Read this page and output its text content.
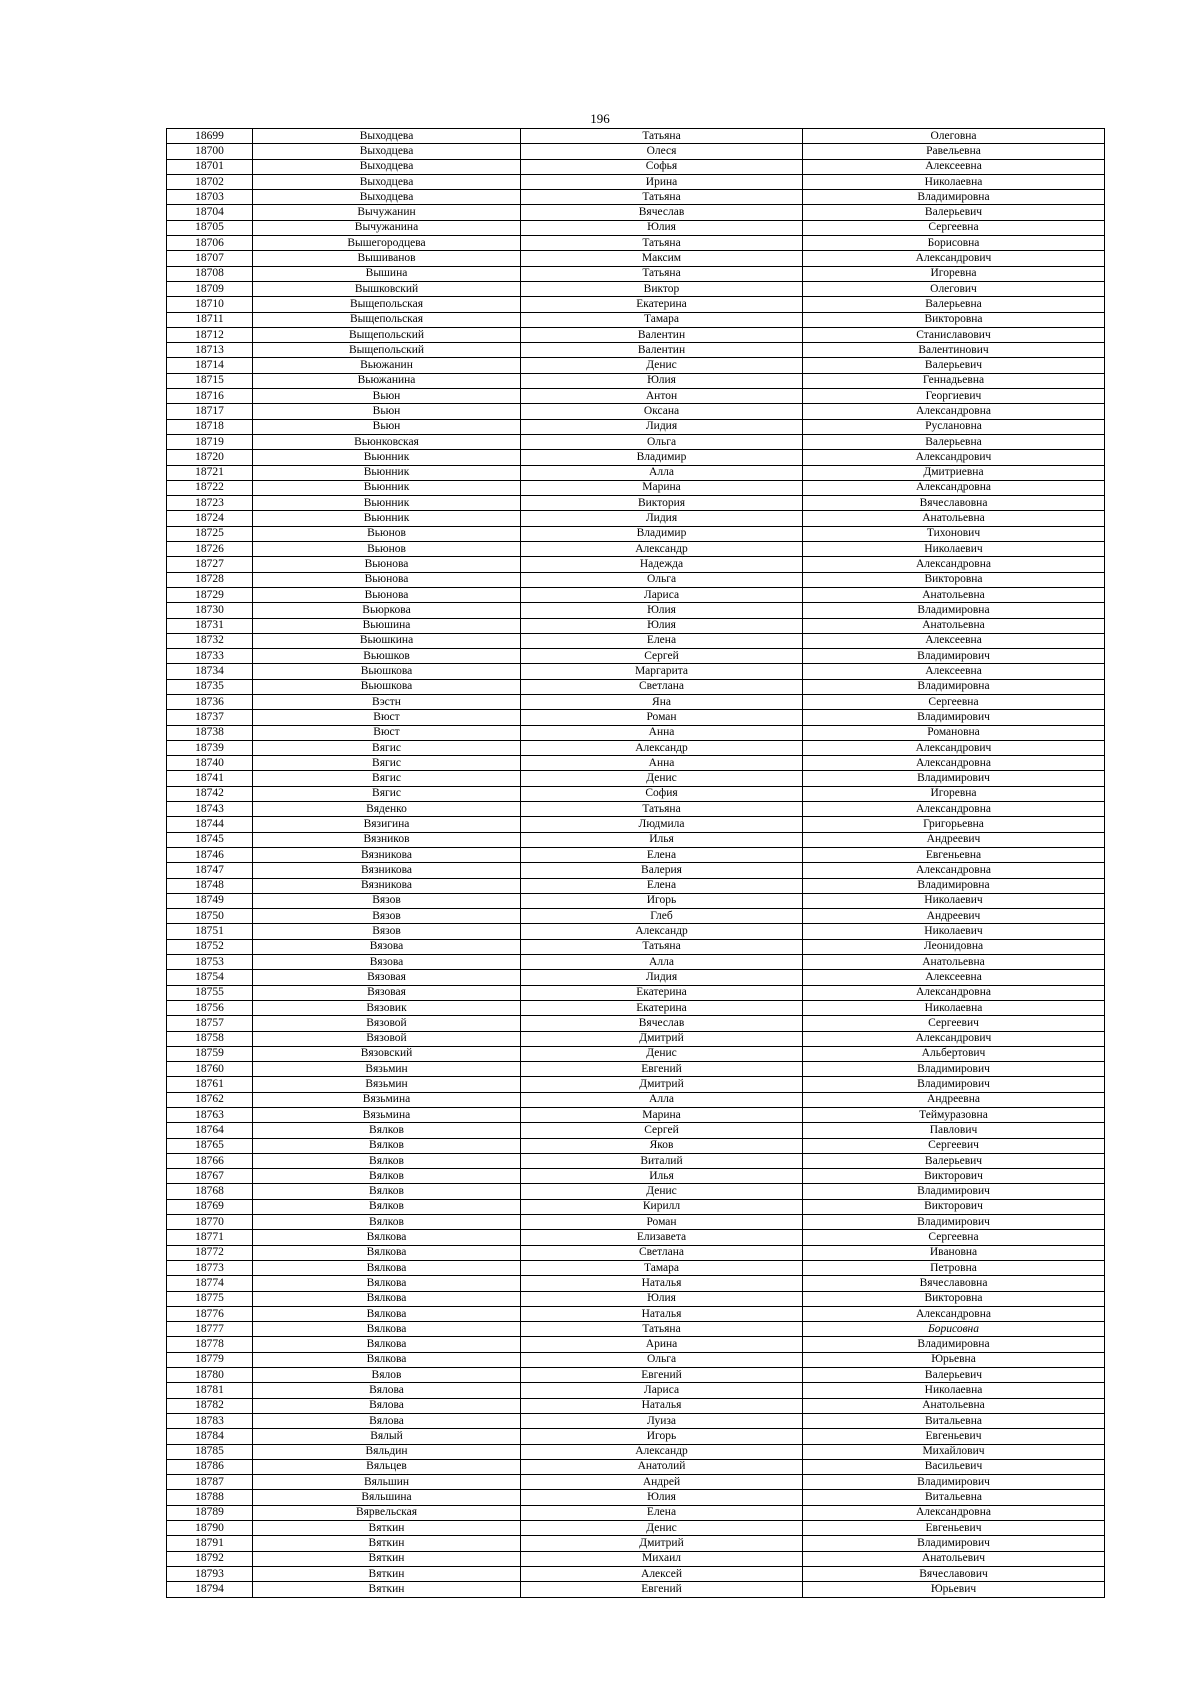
196
18699	Выходцева	Татьяна	Олеговна
18700	Выходцева	Олеся	Равельевна
18701	Выходцева	Софья	Алексеевна
18702	Выходцева	Ирина	Николаевна
18703	Выходцева	Татьяна	Владимировна
18704	Вычужанин	Вячеслав	Валерьевич
18705	Вычужанина	Юлия	Сергеевна
18706	Вышегородцева	Татьяна	Борисовна
18707	Вышиванов	Максим	Александрович
18708	Вышина	Татьяна	Игоревна
18709	Вышковский	Виктор	Олегович
18710	Выщепольская	Екатерина	Валерьевна
18711	Выщепольская	Тамара	Викторовна
18712	Выщепольский	Валентин	Станиславович
18713	Выщепольский	Валентин	Валентинович
18714	Вьюжанин	Денис	Валерьевич
18715	Вьюжанина	Юлия	Геннадьевна
18716	Вьюн	Антон	Георгиевич
18717	Вьюн	Оксана	Александровна
18718	Вьюн	Лидия	Руслановна
18719	Вьюнковская	Ольга	Валерьевна
18720	Вьюнник	Владимир	Александрович
18721	Вьюнник	Алла	Дмитриевна
18722	Вьюнник	Марина	Александровна
18723	Вьюнник	Виктория	Вячеславовна
18724	Вьюнник	Лидия	Анатольевна
18725	Вьюнов	Владимир	Тихонович
18726	Вьюнов	Александр	Николаевич
18727	Вьюнова	Надежда	Александровна
18728	Вьюнова	Ольга	Викторовна
18729	Вьюнова	Лариса	Анатольевна
18730	Вьюркова	Юлия	Владимировна
18731	Вьюшина	Юлия	Анатольевна
18732	Вьюшкина	Елена	Алексеевна
18733	Вьюшков	Сергей	Владимирович
18734	Вьюшкова	Маргарита	Алексеевна
18735	Вьюшкова	Светлана	Владимировна
18736	Вэстн	Яна	Сергеевна
18737	Вюст	Роман	Владимирович
18738	Вюст	Анна	Романовна
18739	Вягис	Александр	Александрович
18740	Вягис	Анна	Александровна
18741	Вягис	Денис	Владимирович
18742	Вягис	София	Игоревна
18743	Вяденко	Татьяна	Александровна
18744	Вязигина	Людмила	Григорьевна
18745	Вязников	Илья	Андреевич
18746	Вязникова	Елена	Евгеньевна
18747	Вязникова	Валерия	Александровна
18748	Вязникова	Елена	Владимировна
18749	Вязов	Игорь	Николаевич
18750	Вязов	Глеб	Андреевич
18751	Вязов	Александр	Николаевич
18752	Вязова	Татьяна	Леонидовна
18753	Вязова	Алла	Анатольевна
18754	Вязовая	Лидия	Алексеевна
18755	Вязовая	Екатерина	Александровна
18756	Вязовик	Екатерина	Николаевна
18757	Вязовой	Вячеслав	Сергеевич
18758	Вязовой	Дмитрий	Александрович
18759	Вязовский	Денис	Альбертович
18760	Вязьмин	Евгений	Владимирович
18761	Вязьмин	Дмитрий	Владимирович
18762	Вязьмина	Алла	Андреевна
18763	Вязьмина	Марина	Теймуразовна
18764	Вялков	Сергей	Павлович
18765	Вялков	Яков	Сергеевич
18766	Вялков	Виталий	Валерьевич
18767	Вялков	Илья	Викторович
18768	Вялков	Денис	Владимирович
18769	Вялков	Кирилл	Викторович
18770	Вялков	Роман	Владимирович
18771	Вялкова	Елизавета	Сергеевна
18772	Вялкова	Светлана	Ивановна
18773	Вялкова	Тамара	Петровна
18774	Вялкова	Наталья	Вячеславовна
18775	Вялкова	Юлия	Викторовна
18776	Вялкова	Наталья	Александровна
18777	Вялкова	Татьяна	Борисовна
18778	Вялкова	Арина	Владимировна
18779	Вялкова	Ольга	Юрьевна
18780	Вялов	Евгений	Валерьевич
18781	Вялова	Лариса	Николаевна
18782	Вялова	Наталья	Анатольевна
18783	Вялова	Луиза	Витальевна
18784	Вялый	Игорь	Евгеньевич
18785	Вяльдин	Александр	Михайлович
18786	Вяльцев	Анатолий	Васильевич
18787	Вяльшин	Андрей	Владимирович
18788	Вяльшина	Юлия	Витальевна
18789	Вярвельская	Елена	Александровна
18790	Вяткин	Денис	Евгеньевич
18791	Вяткин	Дмитрий	Владимирович
18792	Вяткин	Михаил	Анатольевич
18793	Вяткин	Алексей	Вячеславович
18794	Вяткин	Евгений	Юрьевич
